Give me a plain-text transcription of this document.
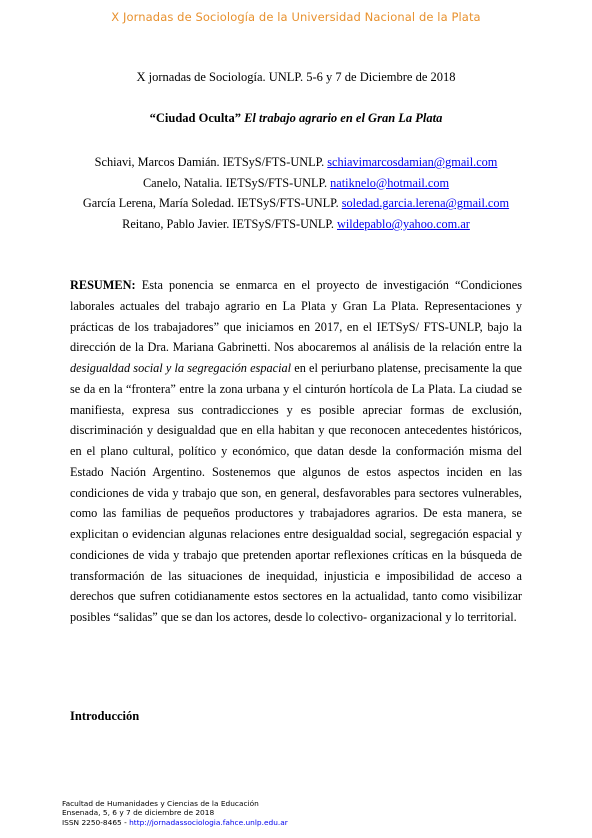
X Jornadas de Sociología de la Universidad Nacional de la Plata
X jornadas de Sociología. UNLP. 5-6 y 7 de Diciembre de 2018
“Ciudad Oculta” El trabajo agrario en el Gran La Plata
Schiavi, Marcos Damián. IETSyS/FTS-UNLP. schiavimarcosdamian@gmail.com
Canelo, Natalia. IETSyS/FTS-UNLP. natiknelo@hotmail.com
García Lerena, María Soledad. IETSyS/FTS-UNLP. soledad.garcia.lerena@gmail.com
Reitano, Pablo Javier. IETSyS/FTS-UNLP. wildepablo@yahoo.com.ar

RESUMEN: Esta ponencia se enmarca en el proyecto de investigación “Condiciones laborales actuales del trabajo agrario en La Plata y Gran La Plata. Representaciones y prácticas de los trabajadores” que iniciamos en 2017, en el IETSyS/ FTS-UNLP, bajo la dirección de la Dra. Mariana Gabrinetti. Nos abocaremos al análisis de la relación entre la desigualdad social y la segregación espacial en el periurbano platense, precisamente la que se da en la “frontera” entre la zona urbana y el cinturón hortícola de La Plata. La ciudad se manifiesta, expresa sus contradicciones y es posible apreciar formas de exclusión, discriminación y desigualdad que en ella habitan y que reconocen antecedentes históricos, en el plano cultural, político y económico, que datan desde la conformación misma del Estado Nación Argentino. Sostenemos que algunos de estos aspectos inciden en las condiciones de vida y trabajo que son, en general, desfavorables para sectores vulnerables, como las familias de pequeños productores y trabajadores agrarios. De esta manera, se explicitan o evidencian algunas relaciones entre desigualdad social, segregación espacial y condiciones de vida y trabajo que pretenden aportar reflexiones críticas en la búsqueda de transformación de las situaciones de inequidad, injusticia e imposibilidad de acceso a derechos que sufren cotidianamente estos sectores en la actualidad, tanto como visibilizar posibles “salidas” que se dan los actores, desde lo colectivo- organizacional y lo territorial.

Introducción
Facultad de Humanidades y Ciencias de la Educación
Ensenada, 5, 6 y 7 de diciembre de 2018
ISSN 2250-8465 - http://jornadassociologia.fahce.unlp.edu.ar
